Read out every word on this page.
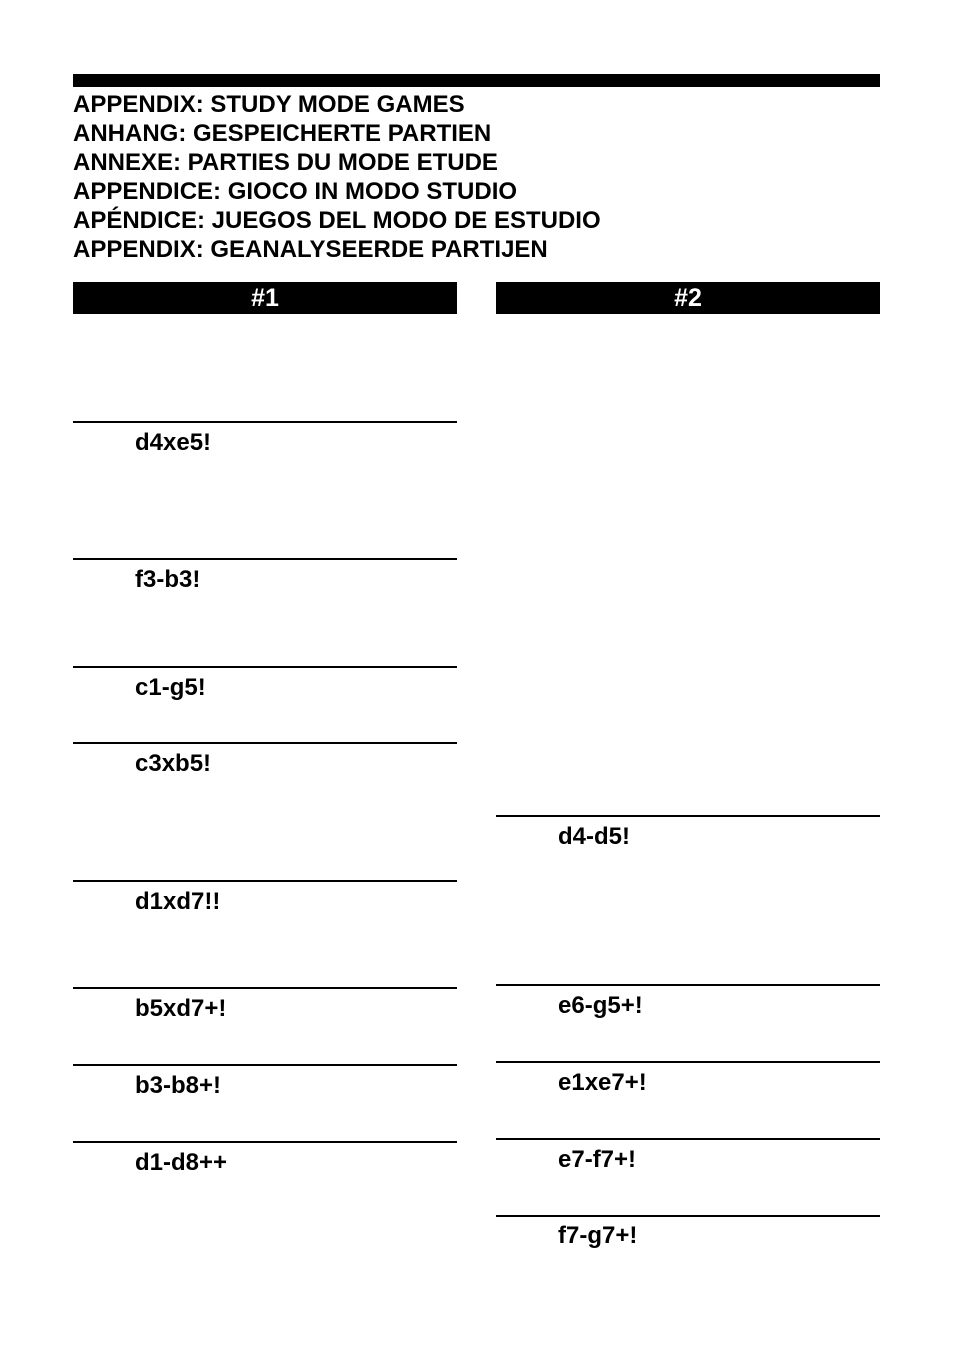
APPENDIX: STUDY MODE GAMES
ANHANG: GESPEICHERTE PARTIEN
ANNEXE: PARTIES DU MODE ETUDE
APPENDICE: GIOCO IN MODO STUDIO
APÉNDICE: JUEGOS DEL MODO DE ESTUDIO
APPENDIX: GEANALYSEERDE PARTIJEN
#1
d4xe5!
f3-b3!
c1-g5!
c3xb5!
d1xd7!!
b5xd7+!
b3-b8+!
d1-d8++
#2
d4-d5!
e6-g5+!
e1xe7+!
e7-f7+!
f7-g7+!
